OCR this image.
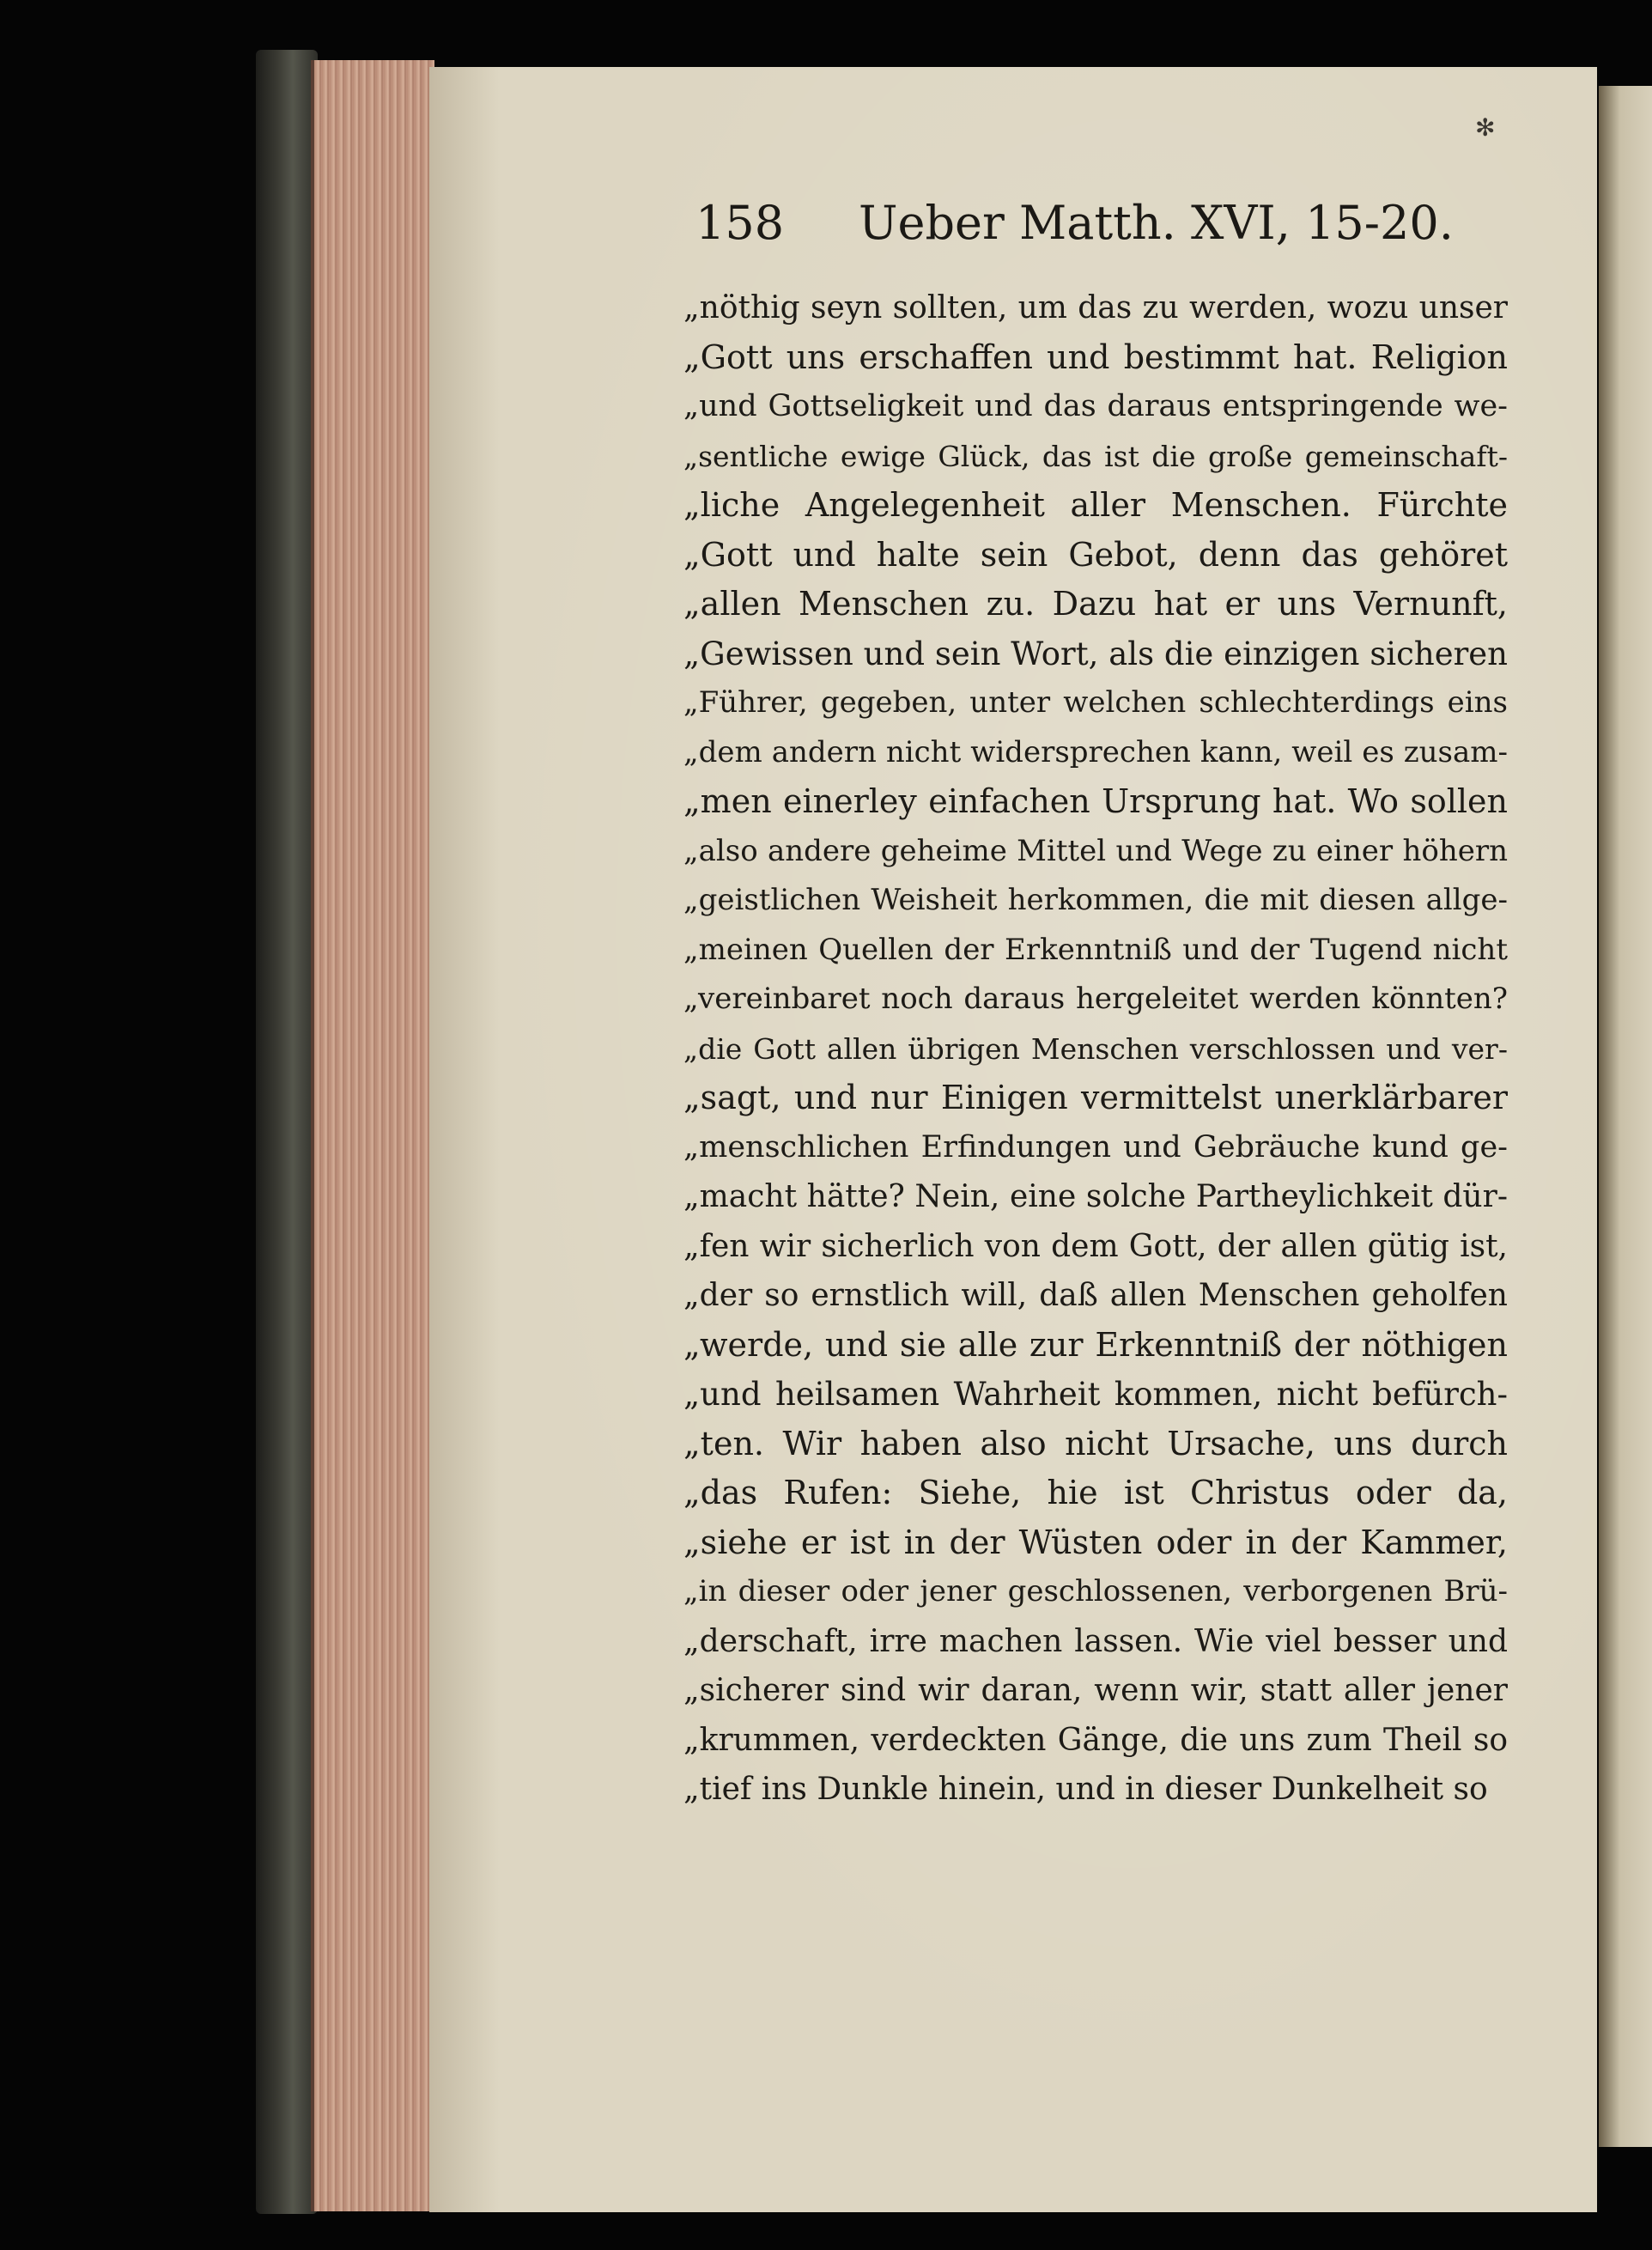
✻
158 Ueber Matth. XVI, 15-20.
„nöthig seyn sollten, um das zu werden, wozu unser
„Gott uns erschaffen und bestimmt hat. Religion
„und Gottseligkeit und das daraus entspringende we-
„sentliche ewige Glück, das ist die große gemeinschaft-
„liche Angelegenheit aller Menschen. Fürchte
„Gott und halte sein Gebot, denn das gehöret
„allen Menschen zu. Dazu hat er uns Vernunft,
„Gewissen und sein Wort, als die einzigen sicheren
„Führer, gegeben, unter welchen schlechterdings eins
„dem andern nicht widersprechen kann, weil es zusam-
„men einerley einfachen Ursprung hat. Wo sollen
„also andere geheime Mittel und Wege zu einer höhern
„geistlichen Weisheit herkommen, die mit diesen allge-
„meinen Quellen der Erkenntniß und der Tugend nicht
„vereinbaret noch daraus hergeleitet werden könnten?
„die Gott allen übrigen Menschen verschlossen und ver-
„sagt, und nur Einigen vermittelst unerklärbarer
„menschlichen Erfindungen und Gebräuche kund ge-
„macht hätte? Nein, eine solche Partheylichkeit dür-
„fen wir sicherlich von dem Gott, der allen gütig ist,
„der so ernstlich will, daß allen Menschen geholfen
„werde, und sie alle zur Erkenntniß der nöthigen
„und heilsamen Wahrheit kommen, nicht befürch-
„ten. Wir haben also nicht Ursache, uns durch
„das Rufen: Siehe, hie ist Christus oder da,
„siehe er ist in der Wüsten oder in der Kammer,
„in dieser oder jener geschlossenen, verborgenen Brü-
„derschaft, irre machen lassen. Wie viel besser und
„sicherer sind wir daran, wenn wir, statt aller jener
„krummen, verdeckten Gänge, die uns zum Theil so
„tief ins Dunkle hinein, und in dieser Dunkelheit so
